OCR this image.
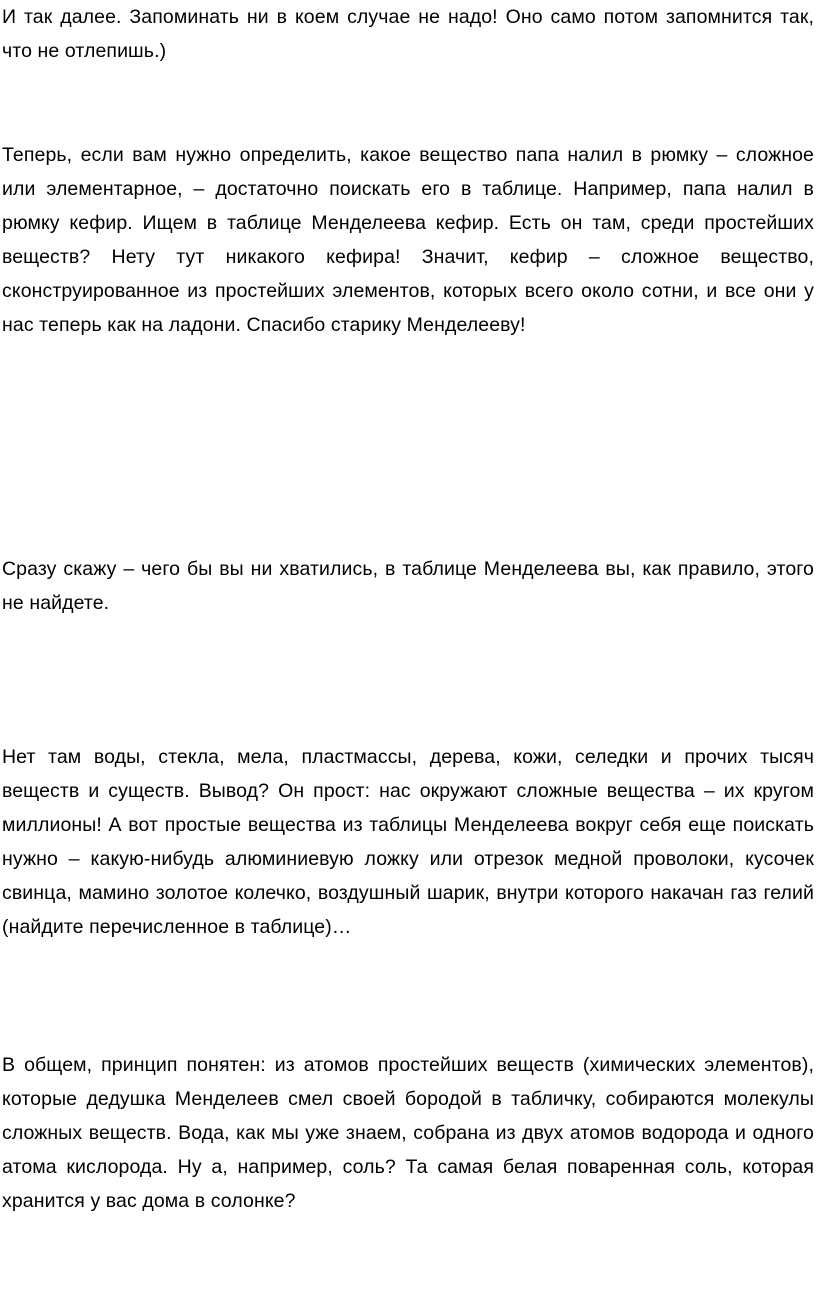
И так далее. Запоминать ни в коем случае не надо! Оно само потом запомнится так, что не отлепишь.)

Теперь, если вам нужно определить, какое вещество папа налил в рюмку – сложное или элементарное, – достаточно поискать его в таблице. Например, папа налил в рюмку кефир. Ищем в таблице Менделеева кефир. Есть он там, среди простейших веществ? Нету тут никакого кефира! Значит, кефир – сложное вещество, сконструированное из простейших элементов, которых всего около сотни, и все они у нас теперь как на ладони. Спасибо старику Менделееву!

Сразу скажу – чего бы вы ни хватились, в таблице Менделеева вы, как правило, этого не найдете.

Нет там воды, стекла, мела, пластмассы, дерева, кожи, селедки и прочих тысяч веществ и существ. Вывод? Он прост: нас окружают сложные вещества – их кругом миллионы! А вот простые вещества из таблицы Менделеева вокруг себя еще поискать нужно – какую-нибудь алюминиевую ложку или отрезок медной проволоки, кусочек свинца, мамино золотое колечко, воздушный шарик, внутри которого накачан газ гелий (найдите перечисленное в таблице)…

В общем, принцип понятен: из атомов простейших веществ (химических элементов), которые дедушка Менделеев смел своей бородой в табличку, собираются молекулы сложных веществ. Вода, как мы уже знаем, собрана из двух атомов водорода и одного атома кислорода. Ну а, например, соль? Та самая белая поваренная соль, которая хранится у вас дома в солонке?
